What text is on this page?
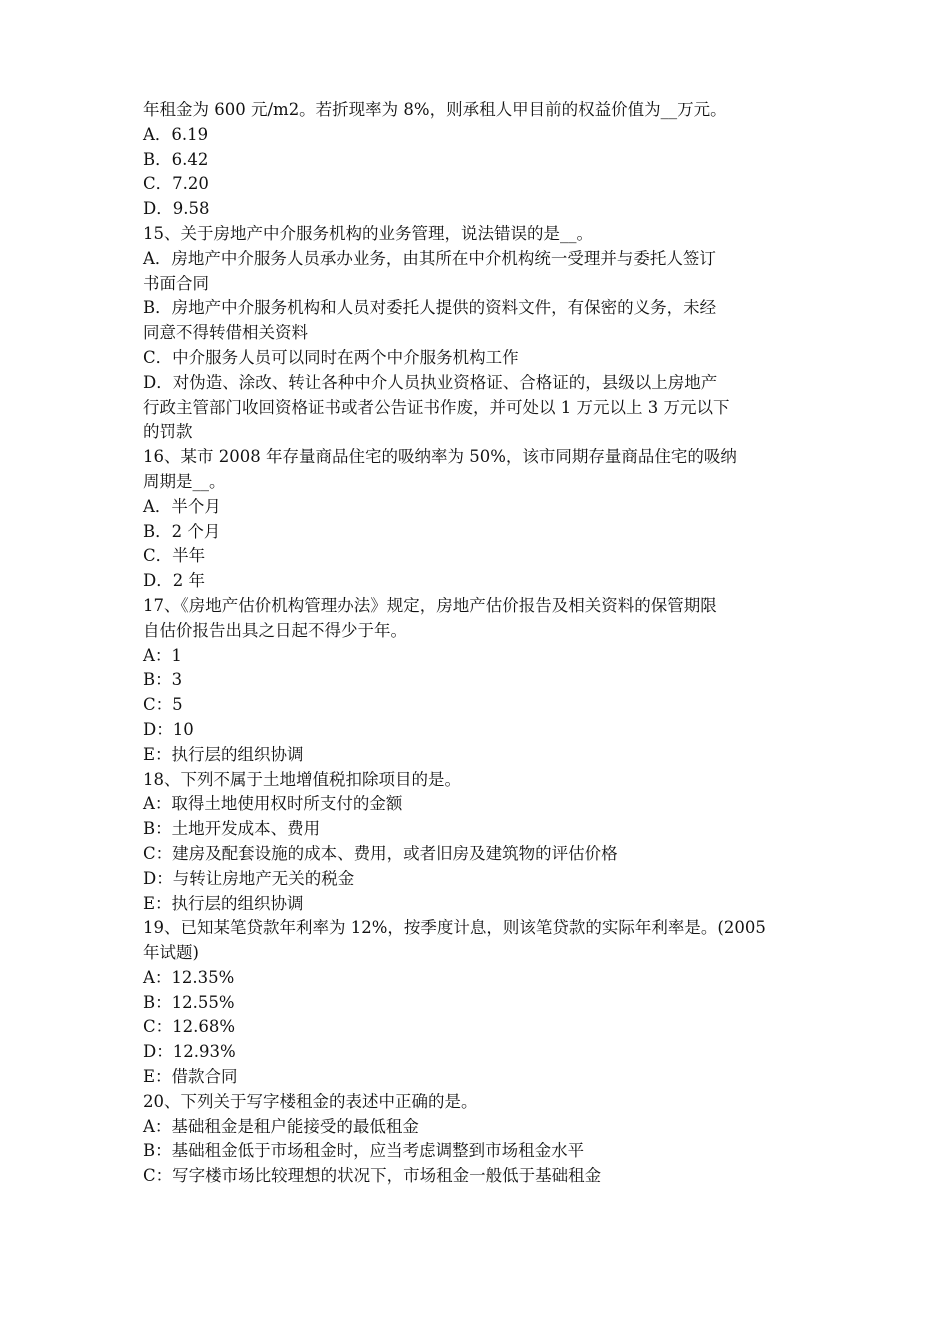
年租金为 600 元/m2。若折现率为 8%，则承租人甲目前的权益价值为__万元。

A．6.19

B．6.42

C．7.20

D．9.58

15、关于房地产中介服务机构的业务管理，说法错误的是__。

A．房地产中介服务人员承办业务，由其所在中介机构统一受理并与委托人签订

书面合同

B．房地产中介服务机构和人员对委托人提供的资料文件，有保密的义务，未经

同意不得转借相关资料

C．中介服务人员可以同时在两个中介服务机构工作

D．对伪造、涂改、转让各种中介人员执业资格证、合格证的，县级以上房地产

行政主管部门收回资格证书或者公告证书作废，并可处以 1 万元以上 3 万元以下

的罚款

16、某市 2008 年存量商品住宅的吸纳率为 50%，该市同期存量商品住宅的吸纳

周期是__。

A．半个月

B．2 个月

C．半年

D．2 年

17、《房地产估价机构管理办法》规定，房地产估价报告及相关资料的保管期限

自估价报告出具之日起不得少于年。

A：1

B：3

C：5

D：10

E：执行层的组织协调

18、下列不属于土地增值税扣除项目的是。

A：取得土地使用权时所支付的金额

B：土地开发成本、费用

C：建房及配套设施的成本、费用，或者旧房及建筑物的评估价格

D：与转让房地产无关的税金

E：执行层的组织协调

19、已知某笔贷款年利率为 12%，按季度计息，则该笔贷款的实际年利率是。(2005

年试题)

A：12.35%

B：12.55%

C：12.68%

D：12.93%

E：借款合同

20、下列关于写字楼租金的表述中正确的是。

A：基础租金是租户能接受的最低租金

B：基础租金低于市场租金时，应当考虑调整到市场租金水平

C：写字楼市场比较理想的状况下，市场租金一般低于基础租金
